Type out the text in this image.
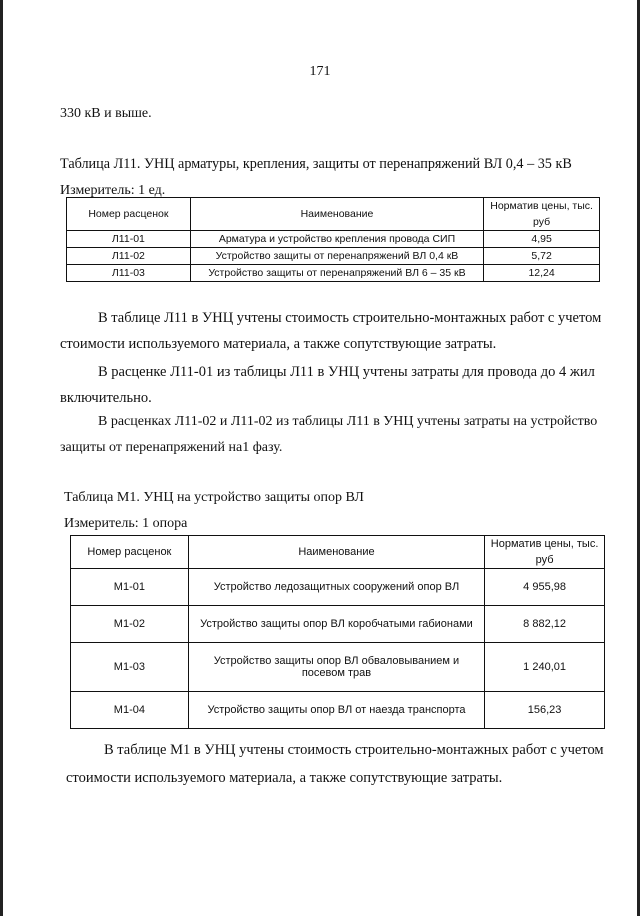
171
330 кВ и выше.
Таблица Л11. УНЦ арматуры, крепления, защиты от перенапряжений ВЛ 0,4 – 35 кВ
Измеритель: 1 ед.
Номер расценок	Наименование	Норматив цены, тыс. руб
Л11-01	Арматура и устройство крепления провода СИП	4,95
Л11-02	Устройство защиты от перенапряжений ВЛ 0,4 кВ	5,72
Л11-03	Устройство защиты от перенапряжений ВЛ 6 – 35 кВ	12,24
В таблице Л11 в УНЦ учтены стоимость строительно-монтажных работ с учетом
стоимости используемого материала, а также сопутствующие затраты.
В расценке Л11-01 из таблицы Л11 в УНЦ учтены затраты для провода до 4 жил
включительно.
В расценках Л11-02 и Л11-02 из таблицы Л11 в УНЦ учтены затраты на устройство
защиты от перенапряжений на1 фазу.
Таблица М1. УНЦ на устройство защиты опор ВЛ
Измеритель: 1 опора
Номер расценок	Наименование	Норматив цены, тыс. руб
М1-01	Устройство ледозащитных сооружений опор ВЛ	4 955,98
М1-02	Устройство защиты опор ВЛ коробчатыми габионами	8 882,12
М1-03	Устройство защиты опор ВЛ обваловыванием и посевом трав	1 240,01
М1-04	Устройство защиты опор ВЛ от наезда транспорта	156,23
В таблице М1 в УНЦ учтены стоимость строительно-монтажных работ с учетом
стоимости используемого материала, а также сопутствующие затраты.
